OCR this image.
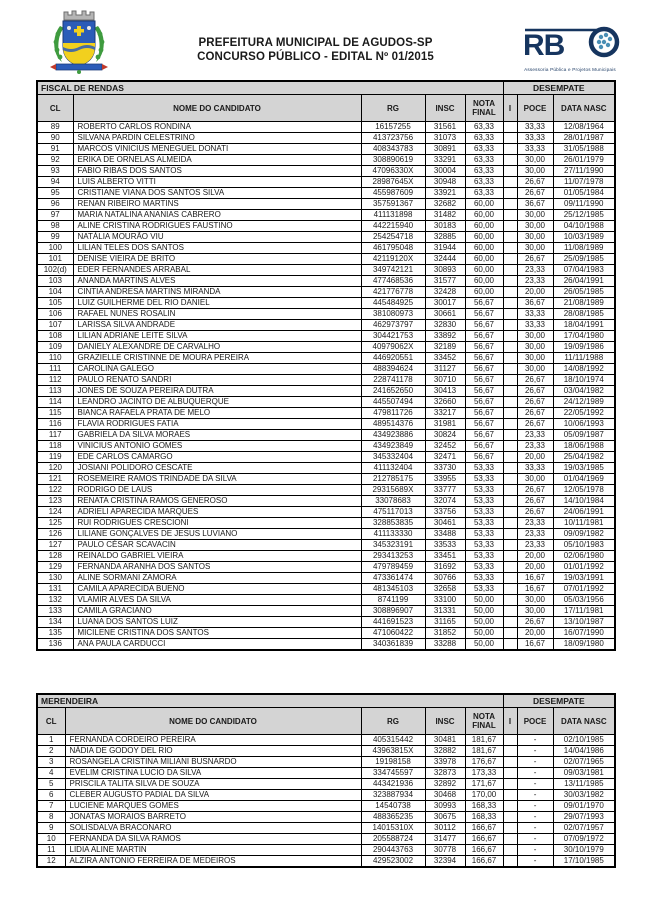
PREFEITURA MUNICIPAL DE AGUDOS-SP
CONCURSO PÚBLICO - EDITAL Nº 01/2015	RB
Assessoria Pública e Projetos Municipais
FISCAL DE RENDAS					DESEMPATE		
CL	NOME DO CANDIDATO	RG	INSC	NOTA FINAL	I	POCE	DATA NASC
89	ROBERTO CARLOS RONDINA	16157255	31561	63,33		33,33	12/08/1964
90	SILVANA PARDIN CELESTRINO	413723756	31073	63,33		33,33	28/01/1987
91	MARCOS VINICIUS MENEGUEL DONATI	408343783	30891	63,33		33,33	31/05/1988
92	ERIKA DE ORNELAS ALMEIDA	308890619	33291	63,33		30,00	26/01/1979
93	FABIO RIBAS DOS SANTOS	47096330X	30004	63,33		30,00	27/11/1990
94	LUIS ALBERTO VITTI	28987645X	30948	63,33		26,67	11/07/1978
95	CRISTIANE VIANA DOS SANTOS SILVA	455987609	33921	63,33		26,67	01/05/1984
96	RENAN RIBEIRO MARTINS	357591367	32682	60,00		36,67	09/11/1990
97	MARIA NATALINA ANANIAS CABRERO	411131898	31482	60,00		30,00	25/12/1985
98	ALINE CRISTINA RODRIGUES FAUSTINO	442215940	30183	60,00		30,00	04/10/1988
99	NATÁLIA MOURÃO VIU	254254718	32885	60,00		30,00	10/03/1989
100	LILIAN TELES DOS SANTOS	461795048	31944	60,00		30,00	11/08/1989
101	DENISE VIEIRA DE BRITO	42119120X	32444	60,00		26,67	25/09/1985
102(d)	EDER FERNANDES ARRABAL	349742121	30893	60,00		23,33	07/04/1983
103	ANANDA MARTINS ALVES	477468536	31577	60,00		23,33	26/04/1991
104	CINTIA ANDRESA MARTINS MIRANDA	421776778	32428	60,00		20,00	26/05/1985
105	LUIZ GUILHERME DEL RIO DANIEL	445484925	30017	56,67		36,67	21/08/1989
106	RAFAEL NUNES ROSALIN	381080973	30661	56,67		33,33	28/08/1985
107	LARISSA SILVA ANDRADE	462973797	32830	56,67		33,33	18/04/1991
108	LILIAN ADRIANE LEITE SILVA	304421753	33892	56,67		30,00	17/04/1980
109	DANIELY ALEXANDRE DE CARVALHO	40979062X	32189	56,67		30,00	19/09/1986
110	GRAZIELLE CRISTINNE DE MOURA PEREIRA	446920551	33452	56,67		30,00	11/11/1988
111	CAROLINA GALEGO	488394624	31127	56,67		30,00	14/08/1992
112	PAULO RENATO SANDRI	228741178	30710	56,67		26,67	18/10/1974
113	JONES DE SOUZA PEREIRA DUTRA	241652650	30413	56,67		26,67	03/04/1982
114	LEANDRO JACINTO DE ALBUQUERQUE	445507494	32660	56,67		26,67	24/12/1989
115	BIANCA RAFAELA PRATA DE MELO	479811726	33217	56,67		26,67	22/05/1992
116	FLAVIA RODRIGUES FATIA	489514376	31981	56,67		26,67	10/06/1993
117	GABRIELA DA SILVA MORAES	434923886	30824	56,67		23,33	05/09/1987
118	VINICIUS ANTONIO GOMES	434923849	32452	56,67		23,33	18/06/1988
119	EDE CARLOS CAMARGO	345332404	32471	56,67		20,00	25/04/1982
120	JOSIANI POLIDORO CESCATE	411132404	33730	53,33		33,33	19/03/1985
121	ROSEMEIRE RAMOS TRINDADE DA SILVA	212785175	33955	53,33		30,00	01/04/1969
122	RODRIGO DE LAUS	29315689X	33777	53,33		26,67	12/05/1978
123	RENATA CRISTINA RAMOS GENEROSO	33078683	32074	53,33		26,67	14/10/1984
124	ADRIELI APARECIDA MARQUES	475117013	33756	53,33		26,67	24/06/1991
125	RUI RODRIGUES CRESCIONI	328853835	30461	53,33		23,33	10/11/1981
126	LILIANE GONÇALVES DE JESUS LUVIANO	411133330	33488	53,33		23,33	09/09/1982
127	PAULO CÉSAR SCAVACIN	345323191	33533	53,33		23,33	05/10/1983
128	REINALDO GABRIEL VIEIRA	293413253	33451	53,33		20,00	02/06/1980
129	FERNANDA ARANHA DOS SANTOS	479789459	31692	53,33		20,00	01/01/1992
130	ALINE SORMANI ZAMORA	473361474	30766	53,33		16,67	19/03/1991
131	CAMILA APARECIDA BUENO	481345103	32658	53,33		16,67	07/01/1992
132	VLAMIR ALVES DA SILVA	8741199	33100	50,00		30,00	05/03/1956
133	CAMILA GRACIANO	308896907	31331	50,00		30,00	17/11/1981
134	LUANA DOS SANTOS LUIZ	441691523	31165	50,00		26,67	13/10/1987
135	MICILENE CRISTINA DOS SANTOS	471060422	31852	50,00		20,00	16/07/1990
136	ANA PAULA CARDUCCI	340361839	33288	50,00		16,67	18/09/1980
MERENDEIRA					DESEMPATE		
CL	NOME DO CANDIDATO	RG	INSC	NOTA FINAL	I	POCE	DATA NASC
1	FERNANDA CORDEIRO PEREIRA	405315442	30481	181,67		-	02/10/1985
2	NÁDIA DE GODOY DEL RIO	43963815X	32882	181,67		-	14/04/1986
3	ROSANGELA CRISTINA MILIANI BUSNARDO	19198158	33978	176,67		-	02/07/1965
4	EVELIM CRISTINA LUCIO DA SILVA	334745597	32873	173,33		-	09/03/1981
5	PRISCILA TALITA SILVA DE SOUZA	443421936	32892	171,67		-	13/11/1985
6	CLEBER AUGUSTO PADIAL DA SILVA	323887934	30468	170,00		-	30/03/1982
7	LUCIENE MARQUES GOMES	14540738	30993	168,33		-	09/01/1970
8	JONATAS MORAIOS BARRETO	488365235	30675	168,33		-	29/07/1993
9	SOLISDALVA BRACONARO	14015310X	30112	166,67		-	02/07/1957
10	FERNANDA DA SILVA RAMOS	205588724	31477	166,67		-	07/09/1972
11	LIDIA ALINE MARTIN	290443763	30778	166,67		-	30/10/1979
12	ALZIRA ANTONIO FERREIRA DE MEDEIROS	429523002	32394	166,67		-	17/10/1985
